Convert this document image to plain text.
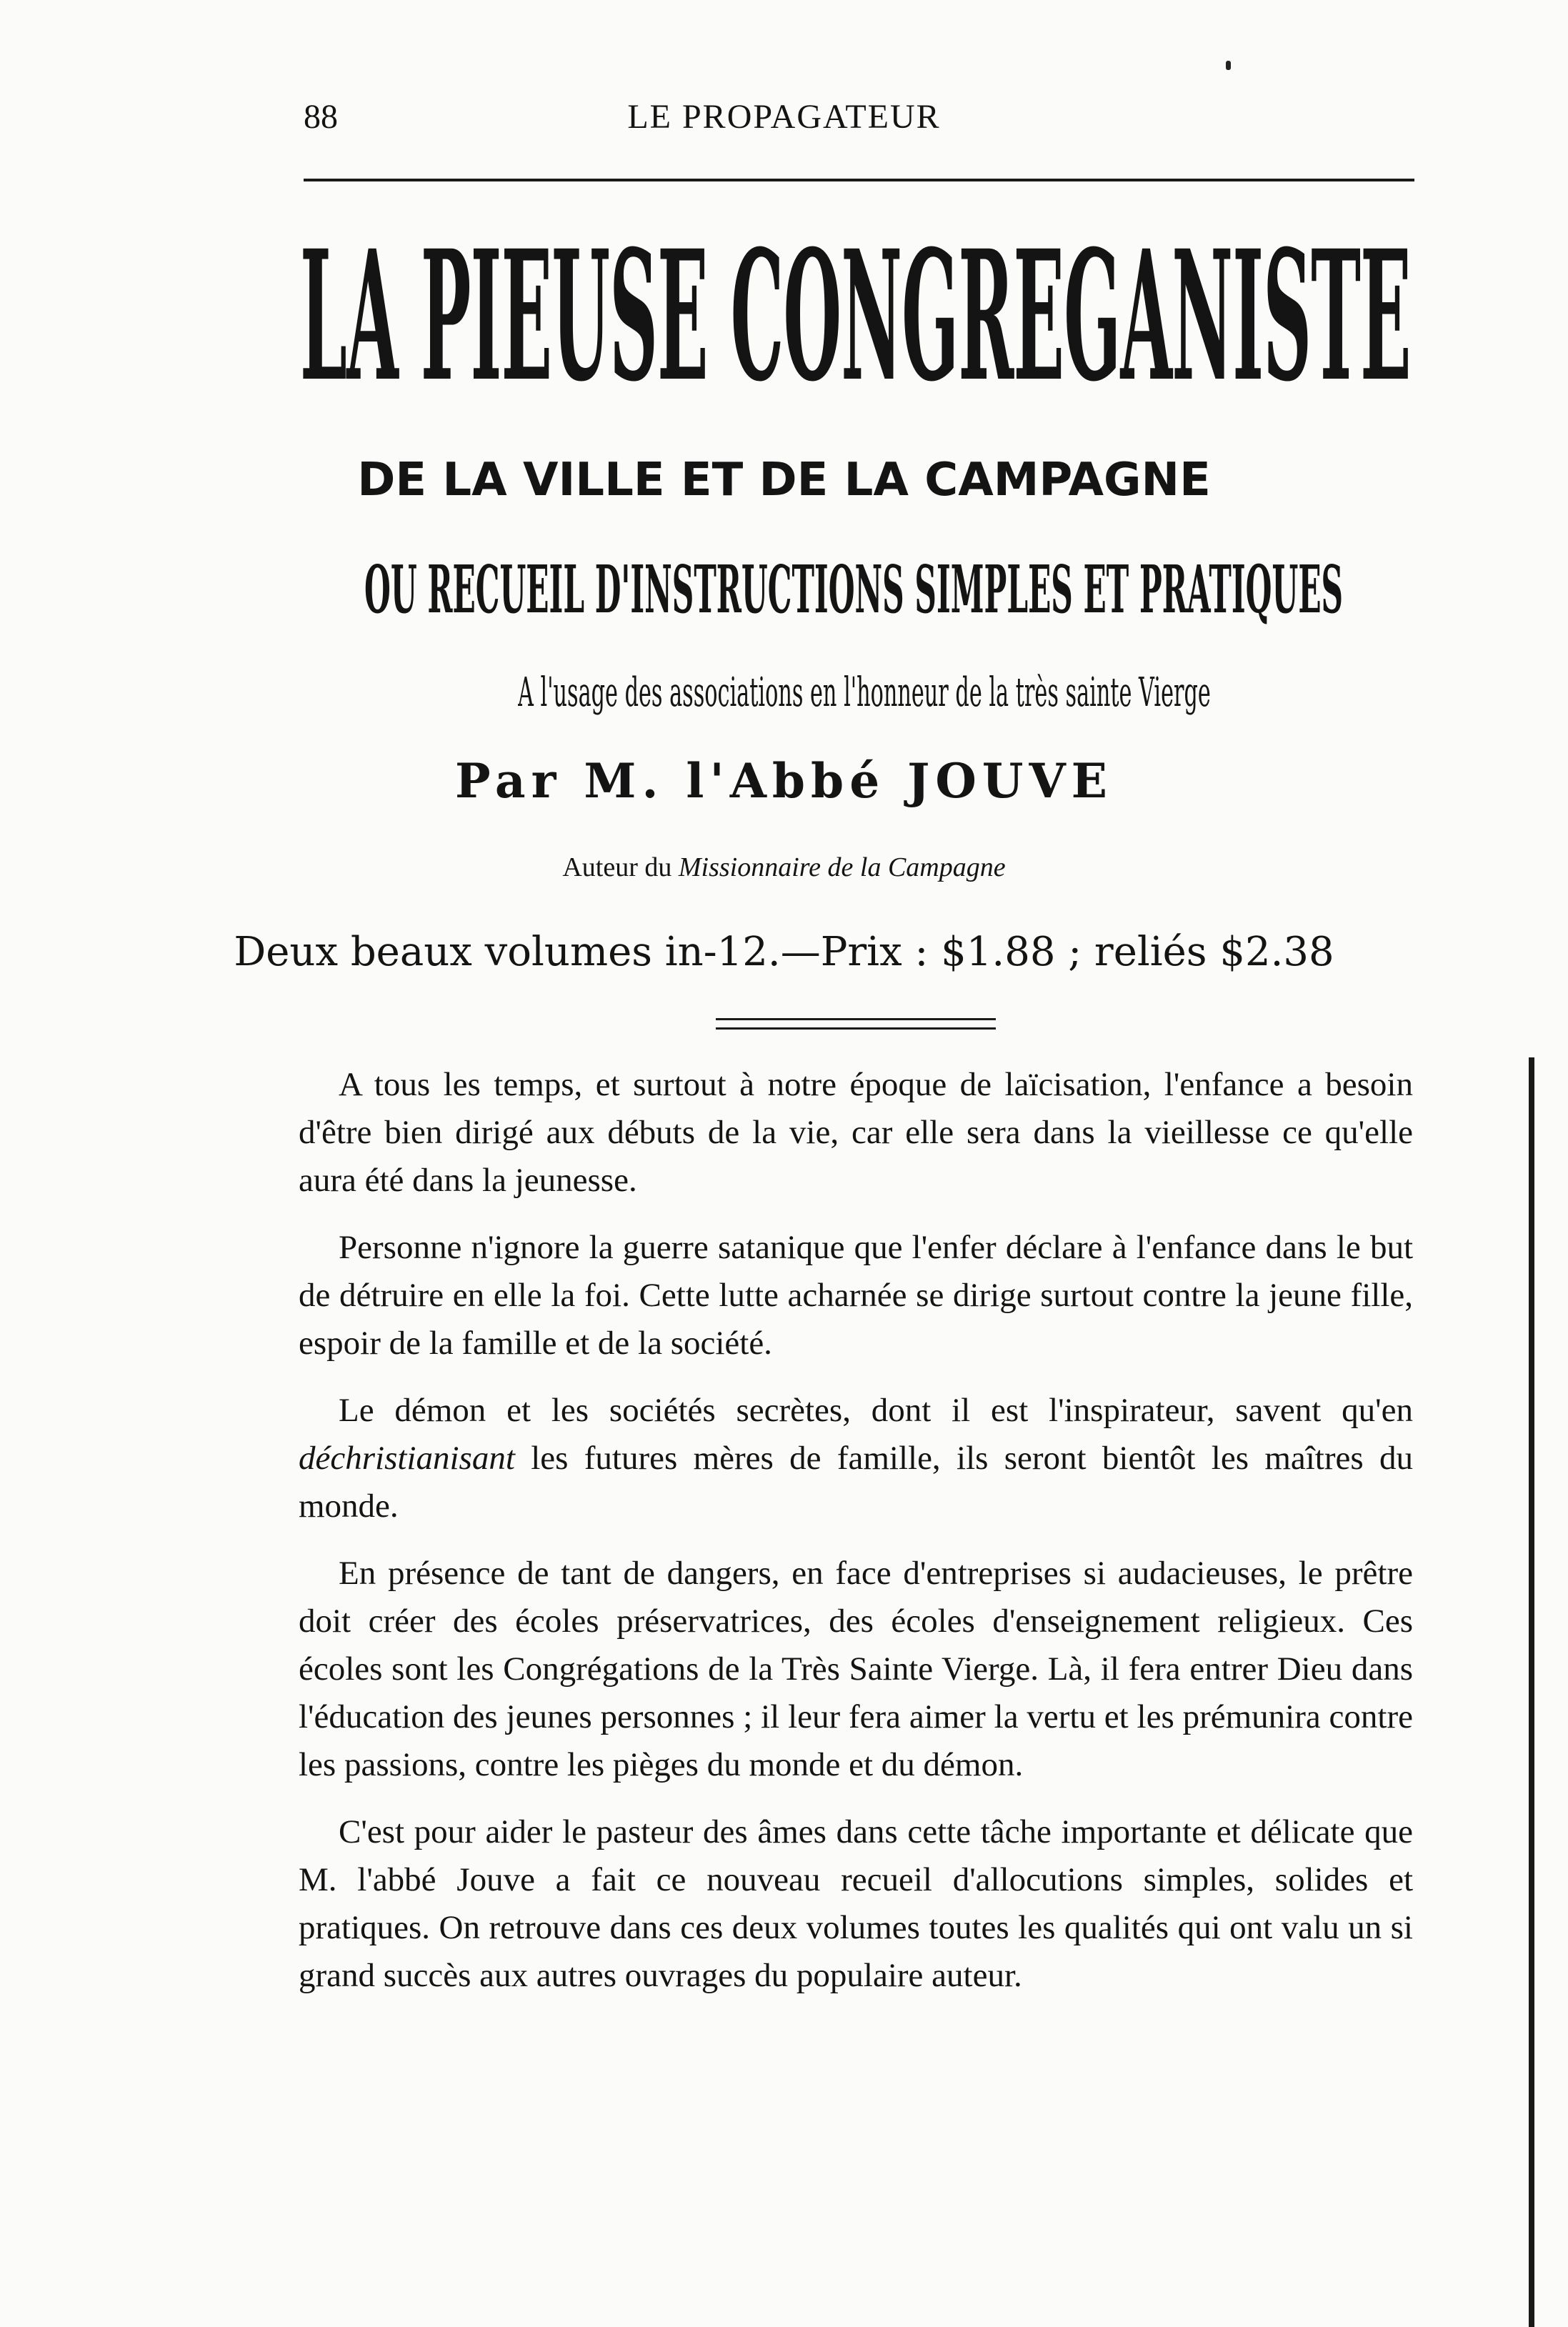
88	LE PROPAGATEUR
LA PIEUSE CONGREGANISTE
DE LA VILLE ET DE LA CAMPAGNE
OU RECUEIL D'INSTRUCTIONS SIMPLES ET PRATIQUES
A l'usage des associations en l'honneur de la très sainte Vierge
Par M. l'Abbé JOUVE
Auteur du Missionnaire de la Campagne
Deux beaux volumes in-12.—Prix : $1.88 ; reliés $2.38

A tous les temps, et surtout à notre époque de laïcisation, l'enfance a besoin d'être bien dirigé aux débuts de la vie, car elle sera dans la vieillesse ce qu'elle aura été dans la jeunesse.

Personne n'ignore la guerre satanique que l'enfer déclare à l'enfance dans le but de détruire en elle la foi. Cette lutte acharnée se dirige surtout contre la jeune fille, espoir de la famille et de la société.

Le démon et les sociétés secrètes, dont il est l'inspirateur, savent qu'en déchristianisant les futures mères de famille, ils seront bientôt les maîtres du monde.

En présence de tant de dangers, en face d'entreprises si audacieuses, le prêtre doit créer des écoles préservatrices, des écoles d'enseignement religieux. Ces écoles sont les Congrégations de la Très Sainte Vierge. Là, il fera entrer Dieu dans l'éducation des jeunes personnes ; il leur fera aimer la vertu et les prémunira contre les passions, contre les pièges du monde et du démon.

C'est pour aider le pasteur des âmes dans cette tâche importante et délicate que M. l'abbé Jouve a fait ce nouveau recueil d'allocutions simples, solides et pratiques. On retrouve dans ces deux volumes toutes les qualités qui ont valu un si grand succès aux autres ouvrages du populaire auteur.
